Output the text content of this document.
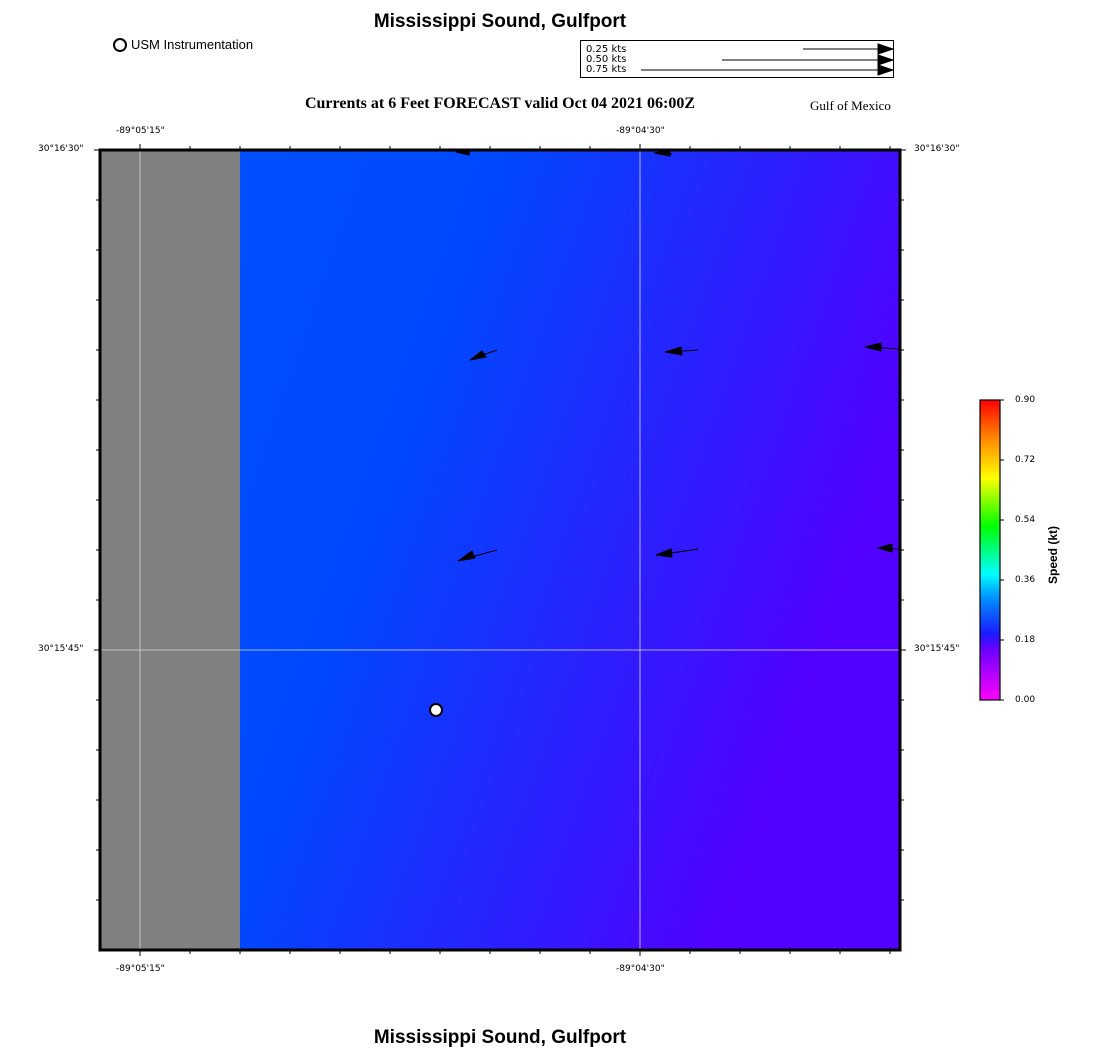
Mississippi Sound, Gulfport
USM Instrumentation	0.25 kts
0.50 kts
0.75 kts
Currents at 6 Feet FORECAST valid Oct 04 2021 06:00Z	Gulf of Mexico
-89°05'15"	-89°04'30"
-89°05'15"	-89°04'30"
30°16'30"
30°15'45"
30°16'30"
30°15'45"
0.90
0.72
0.54
0.36
0.18
0.00
Speed (kt)
Mississippi Sound, Gulfport
